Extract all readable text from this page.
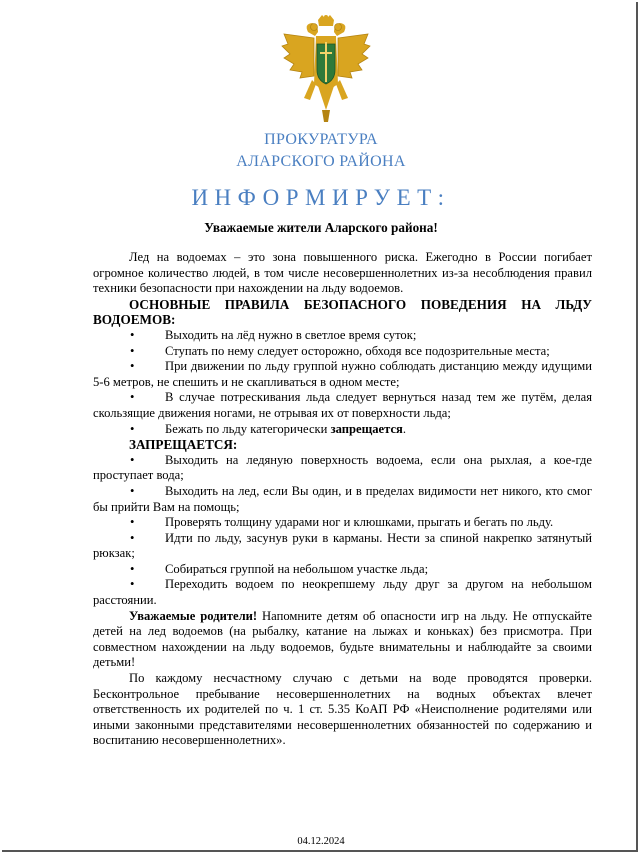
ПРОКУРАТУРА
АЛАРСКОГО РАЙОНА
ИНФОРМИРУЕТ:
Уважаемые жители Аларского района!

Лед на водоемах – это зона повышенного риска. Ежегодно в России погибает огромное количество людей, в том числе несовершеннолетних из-за несоблюдения правил техники безопасности при нахождении на льду водоемов.

ОСНОВНЫЕ ПРАВИЛА БЕЗОПАСНОГО ПОВЕДЕНИЯ НА ЛЬДУ ВОДОЕМОВ:

•	Выходить на лёд нужно в светлое время суток;
•	Ступать по нему следует осторожно, обходя все подозрительные места;
•	При движении по льду группой нужно соблюдать дистанцию между идущими 5-6 метров, не спешить и не скапливаться в одном месте;
•	В случае потрескивания льда следует вернуться назад тем же путём, делая скользящие движения ногами, не отрывая их от поверхности льда;
•	Бежать по льду категорически запрещается.

ЗАПРЕЩАЕТСЯ:

•	Выходить на ледяную поверхность водоема, если она рыхлая, а кое-где проступает вода;
•	Выходить на лед, если Вы один, и в пределах видимости нет никого, кто смог бы прийти Вам на помощь;
•	Проверять толщину ударами ног и клюшками, прыгать и бегать по льду.
•	Идти по льду, засунув руки в карманы. Нести за спиной накрепко затянутый рюкзак;
•	Собираться группой на небольшом участке льда;
•	Переходить водоем по неокрепшему льду друг за другом на небольшом расстоянии.

Уважаемые родители! Напомните детям об опасности игр на льду. Не отпускайте детей на лед водоемов (на рыбалку, катание на лыжах и коньках) без присмотра. При совместном нахождении на льду водоемов, будьте внимательны и наблюдайте за своими детьми!

По каждому несчастному случаю с детьми на воде проводятся проверки. Бесконтрольное пребывание несовершеннолетних на водных объектах влечет ответственность их родителей по ч. 1 ст. 5.35 КоАП РФ «Неисполнение родителями или иными законными представителями несовершеннолетних обязанностей по содержанию и воспитанию несовершеннолетних».

04.12.2024
